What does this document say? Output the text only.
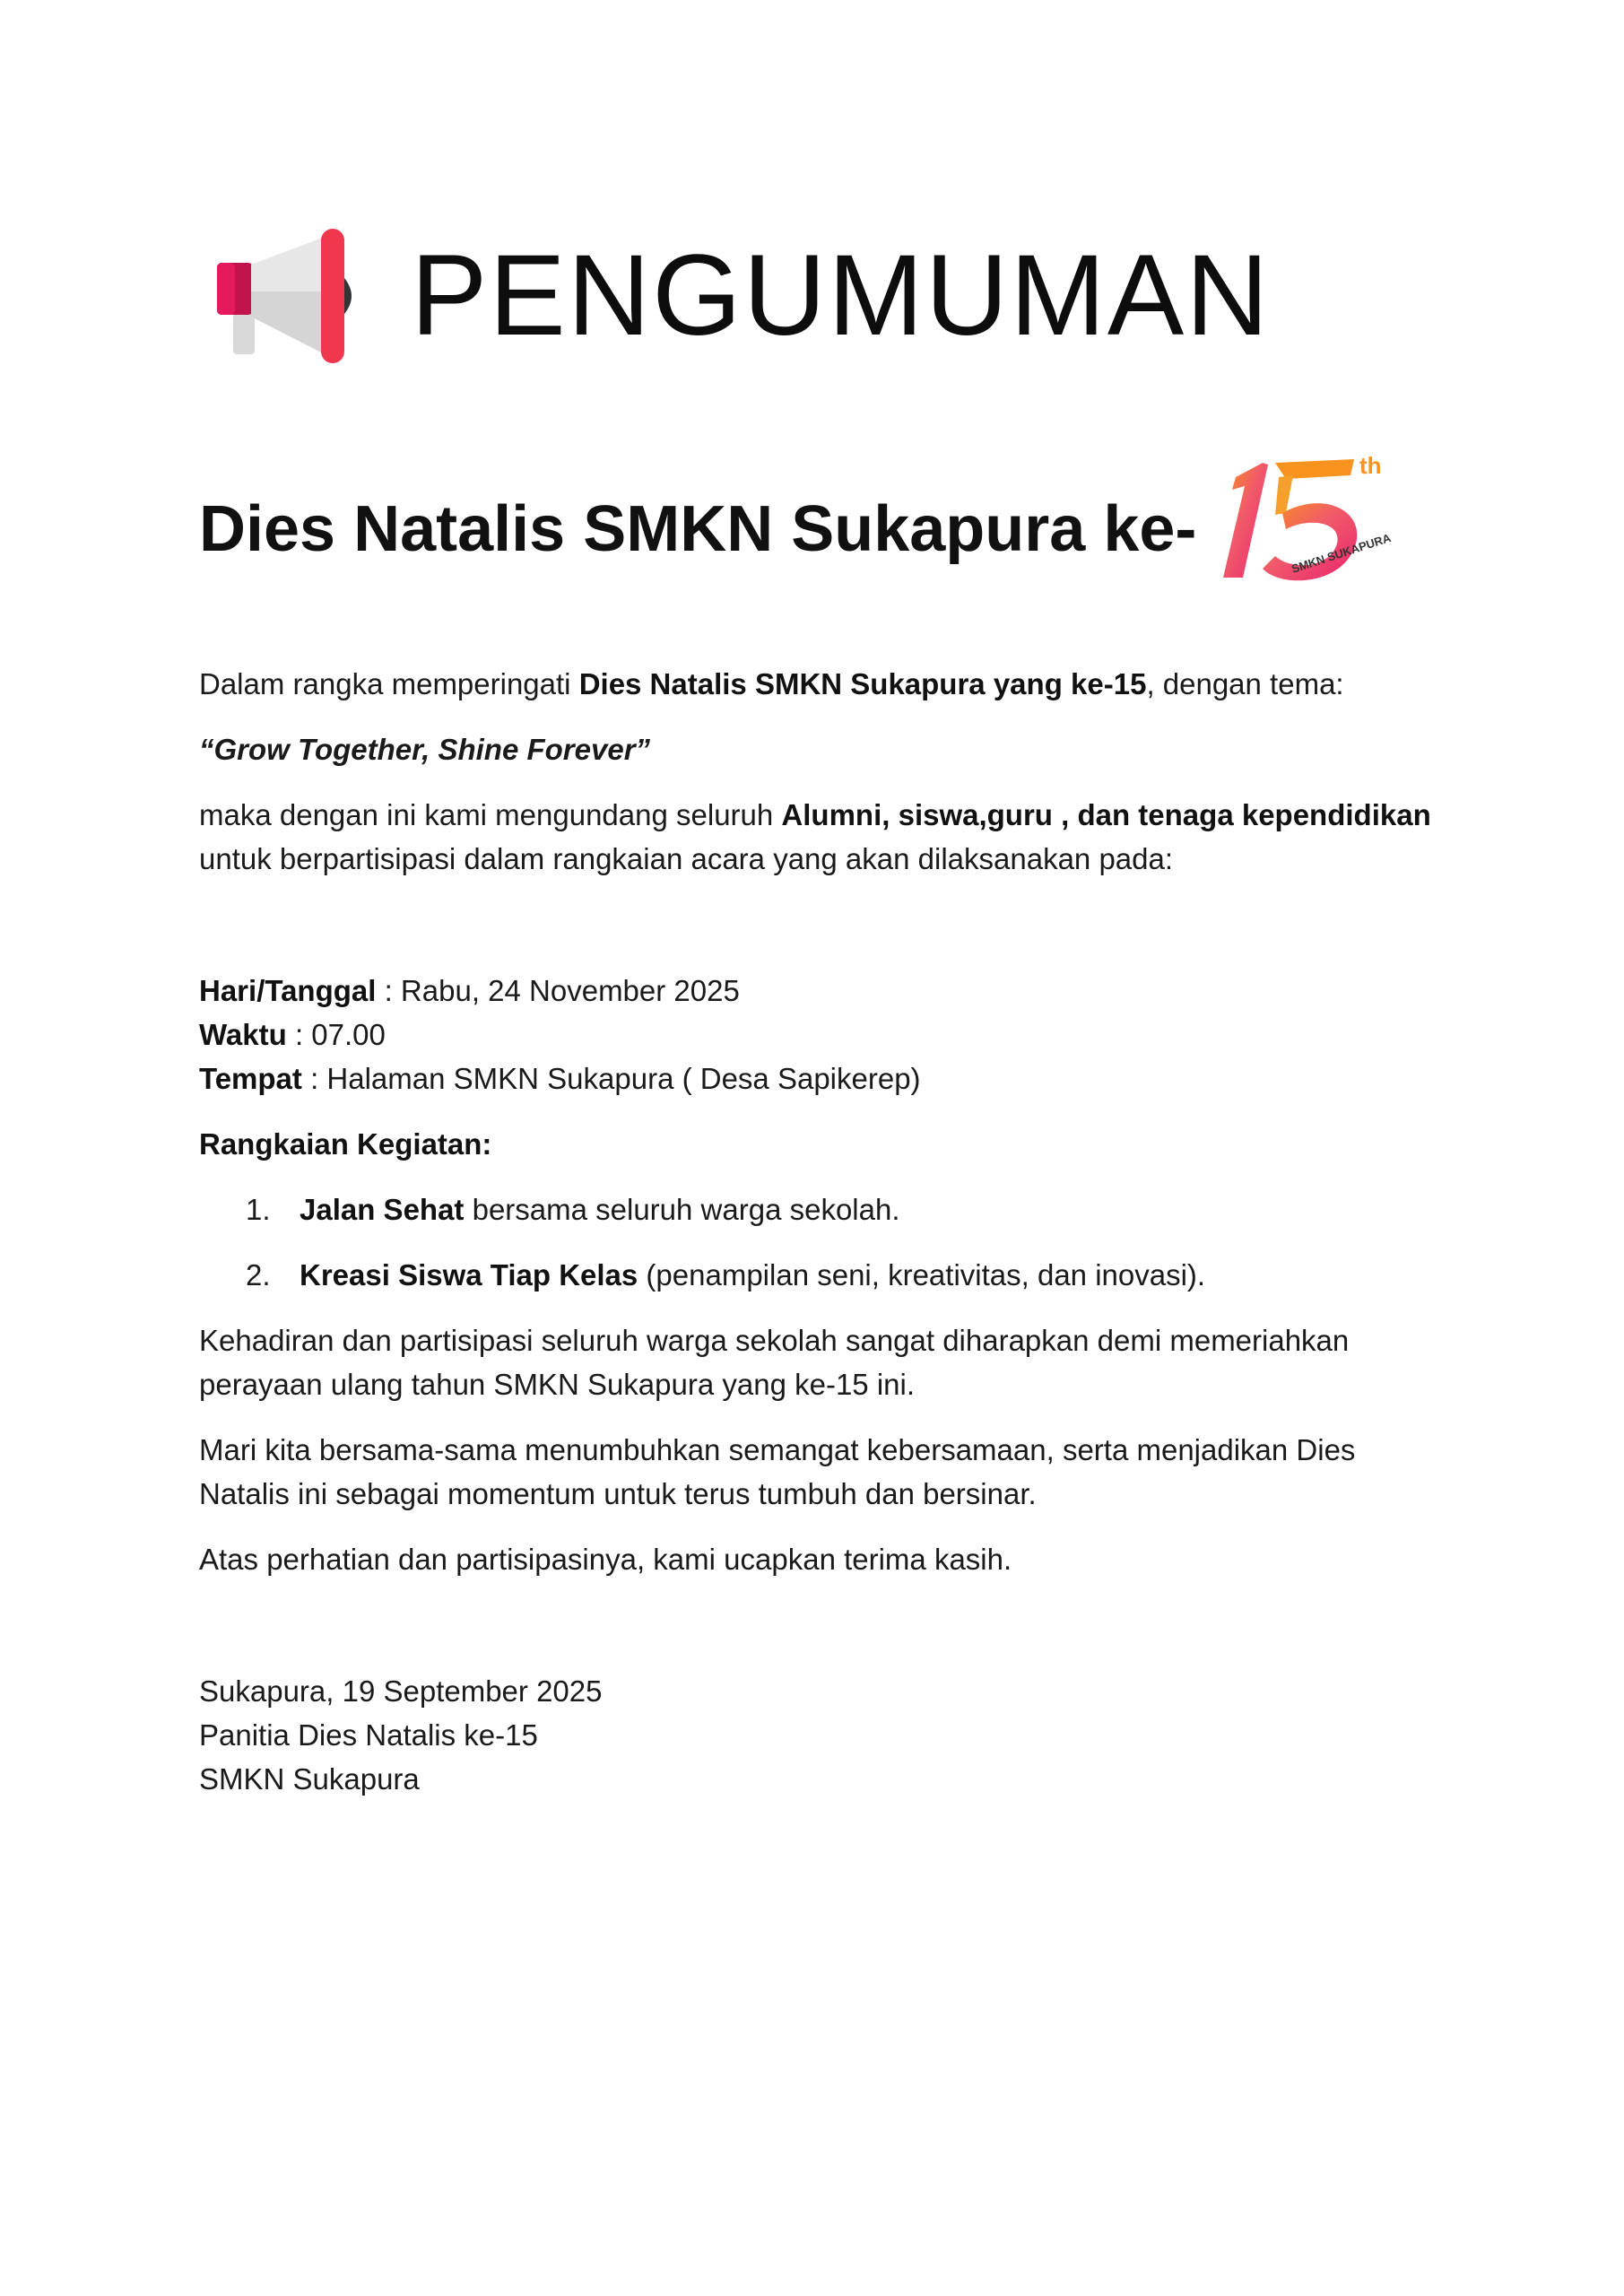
PENGUMUMAN
Dies Natalis SMKN Sukapura ke-
th
SMKN SUKAPURA

Dalam rangka memperingati Dies Natalis SMKN Sukapura yang ke-15, dengan tema:

“Grow Together, Shine Forever”

maka dengan ini kami mengundang seluruh Alumni, siswa,guru , dan tenaga kependidikan
untuk berpartisipasi dalam rangkaian acara yang akan dilaksanakan pada:

Hari/Tanggal : Rabu, 24 November 2025
Waktu : 07.00
Tempat : Halaman SMKN Sukapura ( Desa Sapikerep)

Rangkaian Kegiatan:

1. Jalan Sehat bersama seluruh warga sekolah.
2. Kreasi Siswa Tiap Kelas (penampilan seni, kreativitas, dan inovasi).

Kehadiran dan partisipasi seluruh warga sekolah sangat diharapkan demi memeriahkan perayaan ulang tahun SMKN Sukapura yang ke-15 ini.

Mari kita bersama-sama menumbuhkan semangat kebersamaan, serta menjadikan Dies Natalis ini sebagai momentum untuk terus tumbuh dan bersinar.

Atas perhatian dan partisipasinya, kami ucapkan terima kasih.

Sukapura, 19 September 2025
Panitia Dies Natalis ke-15
SMKN Sukapura
